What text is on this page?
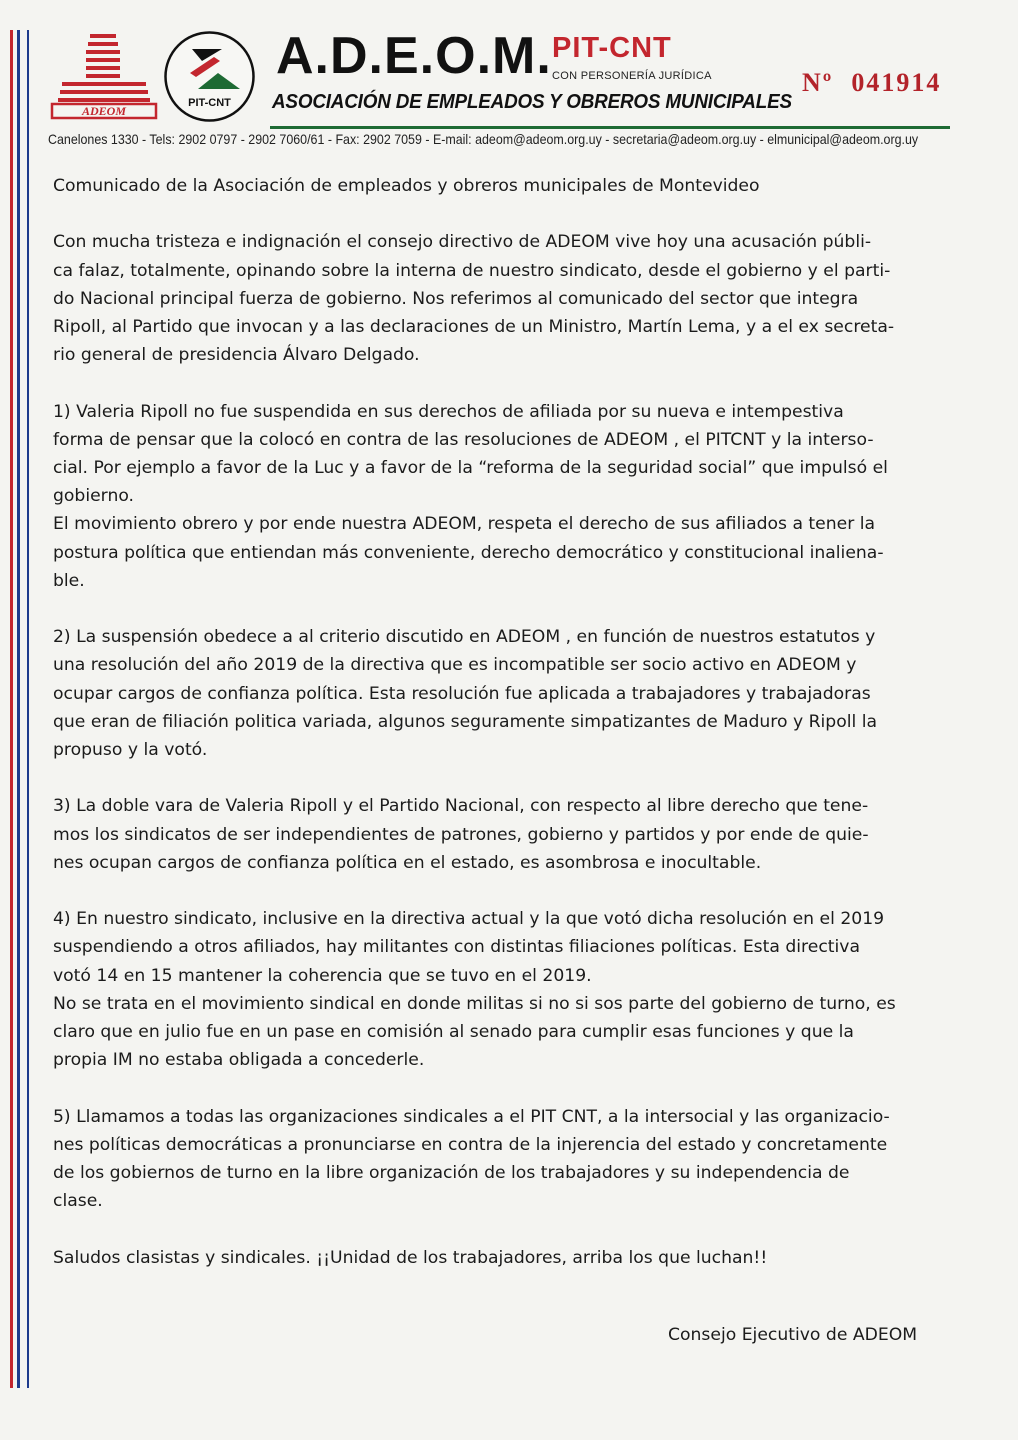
ADEOM
PIT-CNT
A.D.E.O.M. PIT-CNT
CON PERSONERÍA JURÍDICA
ASOCIACIÓN DE EMPLEADOS Y OBREROS MUNICIPALES
Nº 041914
Canelones 1330 - Tels: 2902 0797 - 2902 7060/61 - Fax: 2902 7059 - E-mail: adeom@adeom.org.uy - secretaria@adeom.org.uy - elmunicipal@adeom.org.uy
Comunicado de la Asociación de empleados y obreros municipales de Montevideo
Con mucha tristeza e indignación el consejo directivo de ADEOM vive hoy una acusación públi-
ca falaz, totalmente, opinando sobre la interna de nuestro sindicato, desde el gobierno y el parti-
do Nacional principal fuerza de gobierno. Nos referimos al comunicado del sector que integra
Ripoll, al Partido que invocan y a las declaraciones de un Ministro, Martín Lema, y a el ex secreta-
rio general de presidencia Álvaro Delgado.
1) Valeria Ripoll no fue suspendida en sus derechos de afiliada por su nueva e intempestiva
forma de pensar que la colocó en contra de las resoluciones de ADEOM , el PITCNT y la interso-
cial. Por ejemplo a favor de la Luc y a favor de la “reforma de la seguridad social” que impulsó el
gobierno.
El movimiento obrero y por ende nuestra ADEOM, respeta el derecho de sus afiliados a tener la
postura política que entiendan más conveniente, derecho democrático y constitucional inaliena-
ble.
2) La suspensión obedece a al criterio discutido en ADEOM , en función de nuestros estatutos y
una resolución del año 2019 de la directiva que es incompatible ser socio activo en ADEOM y
ocupar cargos de confianza política. Esta resolución fue aplicada a trabajadores y trabajadoras
que eran de filiación politica variada, algunos seguramente simpatizantes de Maduro y Ripoll la
propuso y la votó.
3) La doble vara de Valeria Ripoll y el Partido Nacional, con respecto al libre derecho que tene-
mos los sindicatos de ser independientes de patrones, gobierno y partidos y por ende de quie-
nes ocupan cargos de confianza política en el estado, es asombrosa e inocultable.
4) En nuestro sindicato, inclusive en la directiva actual y la que votó dicha resolución en el 2019
suspendiendo a otros afiliados, hay militantes con distintas filiaciones políticas. Esta directiva
votó 14 en 15 mantener la coherencia que se tuvo en el 2019.
No se trata en el movimiento sindical en donde militas si no si sos parte del gobierno de turno, es
claro que en julio fue en un pase en comisión al senado para cumplir esas funciones y que la
propia IM no estaba obligada a concederle.
5) Llamamos a todas las organizaciones sindicales a el PIT CNT, a la intersocial y las organizacio-
nes políticas democráticas a pronunciarse en contra de la injerencia del estado y concretamente
de los gobiernos de turno en la libre organización de los trabajadores y su independencia de
clase.
Saludos clasistas y sindicales. ¡¡Unidad de los trabajadores, arriba los que luchan!!
Consejo Ejecutivo de ADEOM
